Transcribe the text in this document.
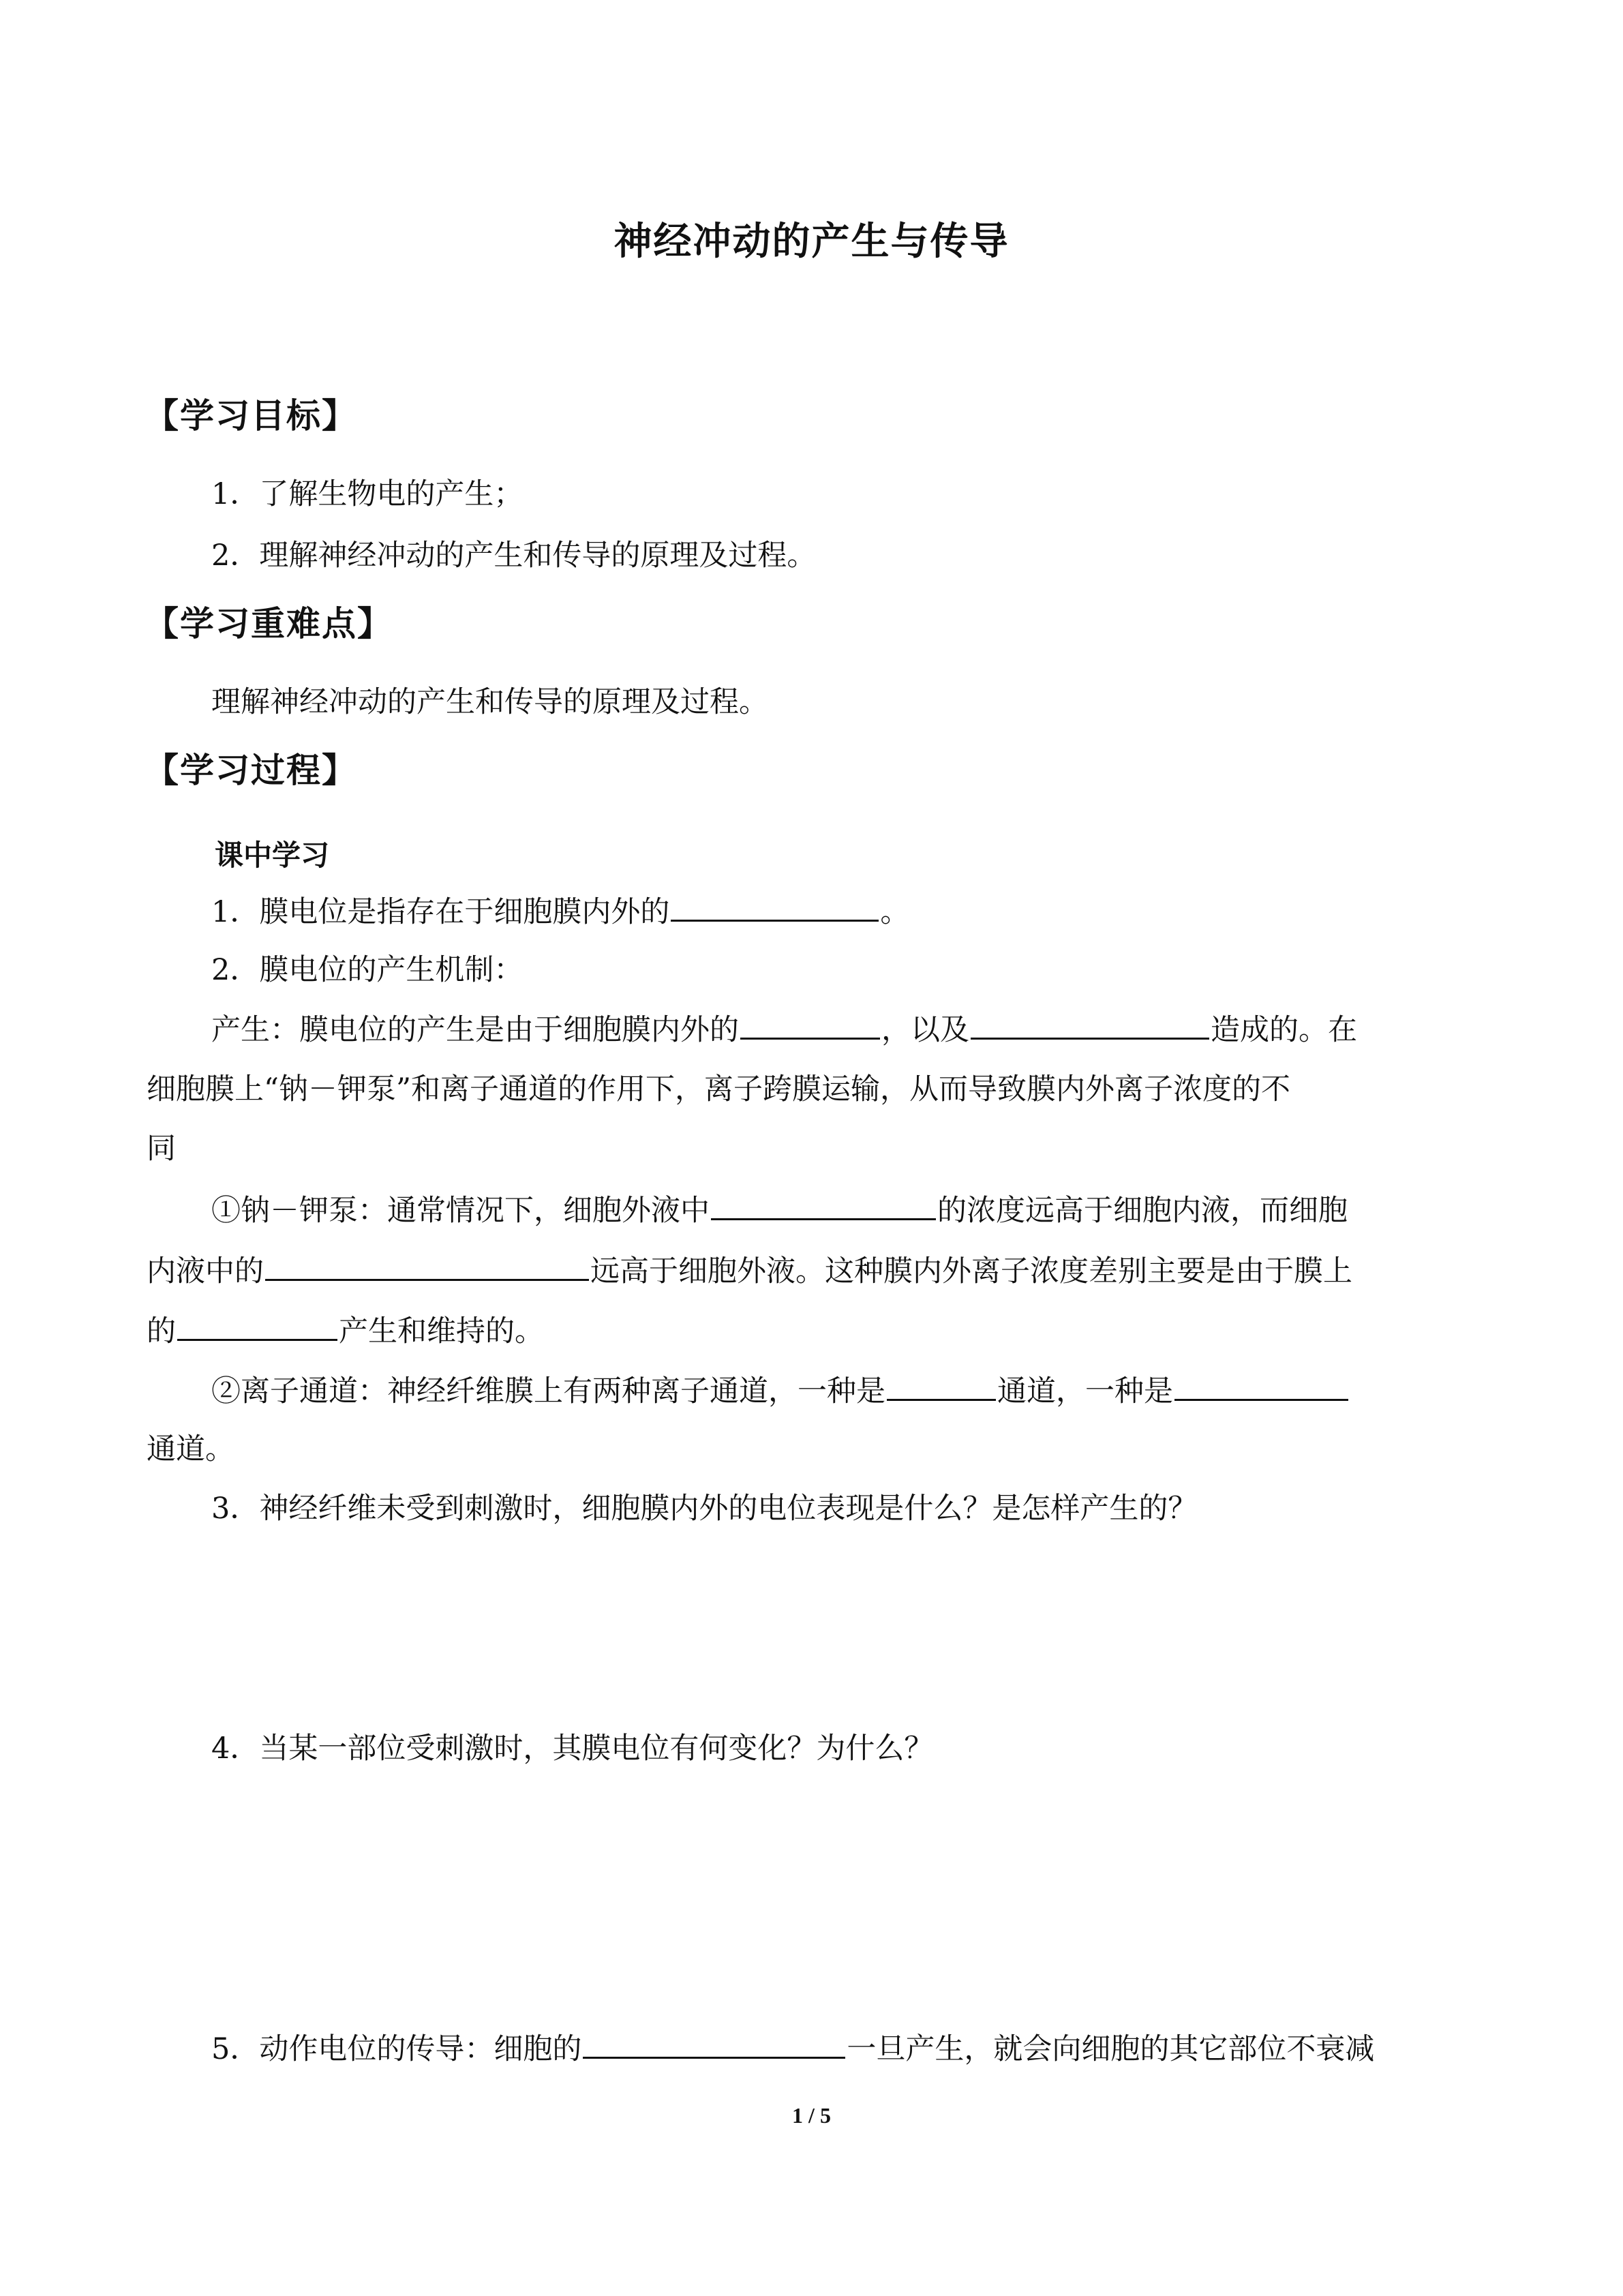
神经冲动的产生与传导
【学习目标】
1．了解生物电的产生；
2．理解神经冲动的产生和传导的原理及过程。
【学习重难点】
理解神经冲动的产生和传导的原理及过程。
【学习过程】
课中学习
1．膜电位是指存在于细胞膜内外的	。
2．膜电位的产生机制：
产生：膜电位的产生是由于细胞膜内外的	，以及	造成的。在
细胞膜上“钠－钾泵”和离子通道的作用下，离子跨膜运输，从而导致膜内外离子浓度的不
同
①钠－钾泵：通常情况下，细胞外液中	的浓度远高于细胞内液，而细胞
内液中的	远高于细胞外液。这种膜内外离子浓度差别主要是由于膜上
的	产生和维持的。
②离子通道：神经纤维膜上有两种离子通道，一种是	通道，一种是
通道。
3．神经纤维未受到刺激时，细胞膜内外的电位表现是什么？是怎样产生的？
4．当某一部位受刺激时，其膜电位有何变化？为什么？
5．动作电位的传导：细胞的	一旦产生，就会向细胞的其它部位不衰减
1 / 5
